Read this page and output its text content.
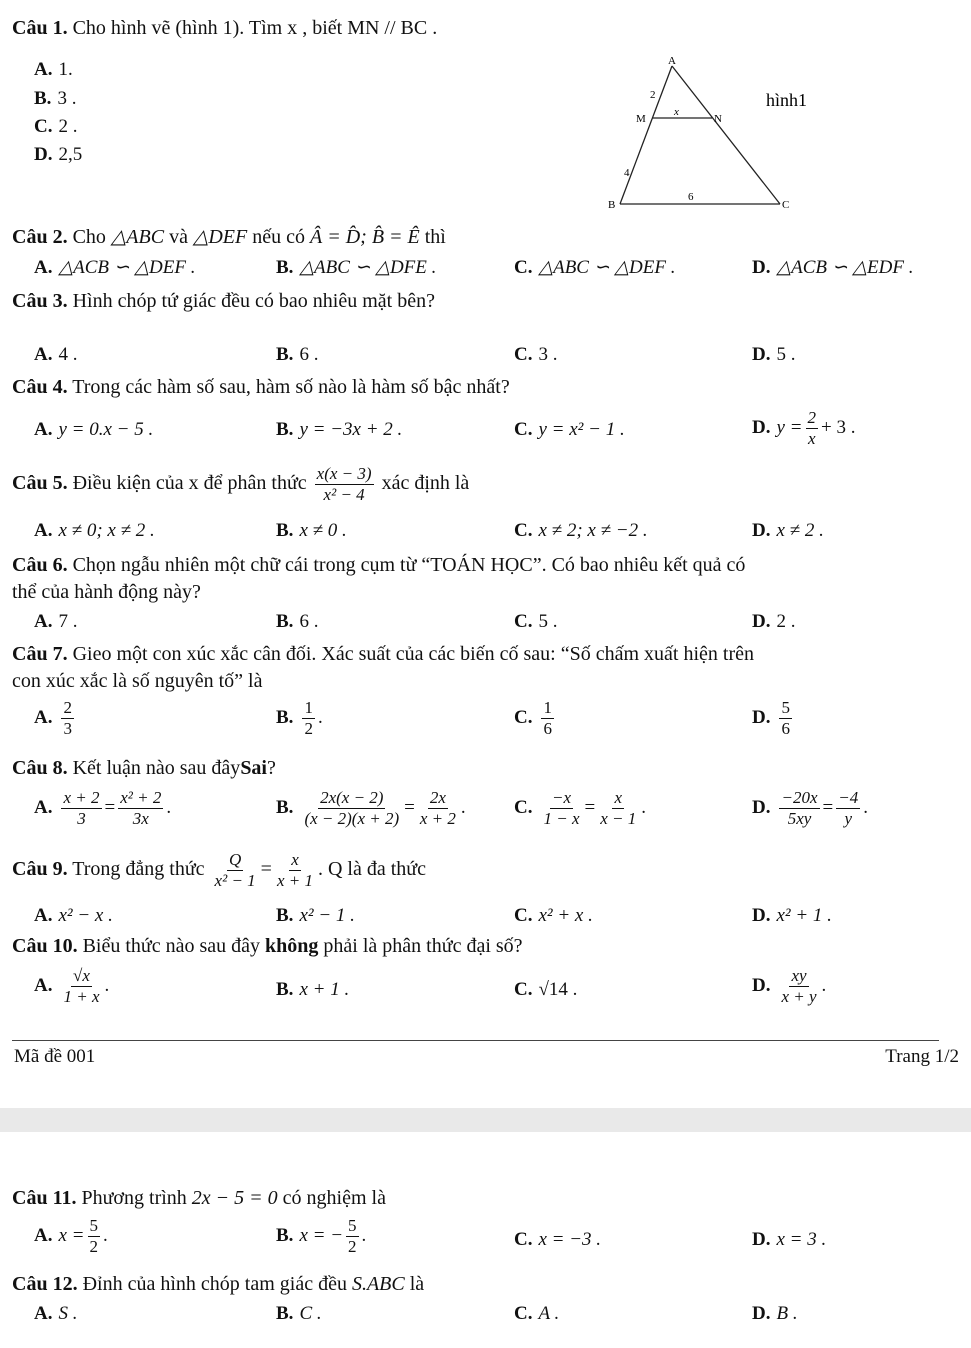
Câu 1. Cho hình vẽ (hình 1). Tìm x , biết MN // BC .
A. 1.
B. 3 .
C. 2 .
D. 2,5
A
M	N
B	C
2
4
x
6
hình1
Câu 2. Cho △ABC và △DEF nếu có Â = D̂; B̂ = Ê thì
A. △ACB ∽ △DEF .	B. △ABC ∽ △DFE .	C. △ABC ∽ △DEF .	D. △ACB ∽ △EDF .
Câu 3. Hình chóp tứ giác đều có bao nhiêu mặt bên?
A. 4 .	B. 6 .	C. 3 .	D. 5 .
Câu 4. Trong các hàm số sau, hàm số nào là hàm số bậc nhất?
A. y = 0.x − 5 .	B. y = −3x + 2 .	C. y = x² − 1 .	D. $y = \frac{2}{x} + 3$ .
Câu 5. Điều kiện của x để phân thức $\frac{x(x - 3)}{\text{x² − 4}}$ xác định là
A. x ≠ 0; x ≠ 2 .	B. x ≠ 0 .	C. x ≠ 2; x ≠ −2 .	D. x ≠ 2 .
Câu 6. Chọn ngẫu nhiên một chữ cái trong cụm từ “TOÁN HỌC”. Có bao nhiêu kết quả có
thể của hành động này?
A. 7 .	B. 6 .	C. 5 .	D. 2 .
Câu 7. Gieo một con xúc xắc cân đối. Xác suất của các biến cố sau: “Số chấm xuất hiện trên
con xúc xắc là số nguyên tố” là
A. $\frac{2}{3}$	B. $\frac{1}{2}$ .	C. $\frac{1}{6}$	D. $\frac{5}{6}$
Câu 8. Kết luận nào sau đâySai?
A. $\frac{x + 2}{3} = \frac{\text{x² + 2}}{3x}$ .	B. $\frac{2x(x - 2)}{(x - 2)(x + 2)} = \frac{2x}{x + 2}$ .	C. $\frac{-x}{1 - x} = \frac{x}{x - 1}$ .	D. $\frac{-20x}{5xy} = \frac{-4}{y}$ .
Câu 9. Trong đẳng thức $\frac{Q}{\text{x² − 1}} = \frac{x}{x + 1}$ . Q là đa thức
A. x² − x .	B. x² − 1 .	C. x² + x .	D. x² + 1 .
Câu 10. Biểu thức nào sau đây không phải là phân thức đại số?
A. $\frac{√x}{1 + x}$ .	B. x + 1 .	C. √14 .	D. $\frac{xy}{x + y}$ .
Mã đề 001	Trang 1/2
Câu 11. Phương trình 2x − 5 = 0 có nghiệm là
A. $x = \frac{5}{2}$ .	B. x = − $\frac{5}{2}$ .	C. x = −3 .	D. x = 3 .
Câu 12. Đỉnh của hình chóp tam giác đều S.ABC là
A. S .	B. C .	C. A .	D. B .
